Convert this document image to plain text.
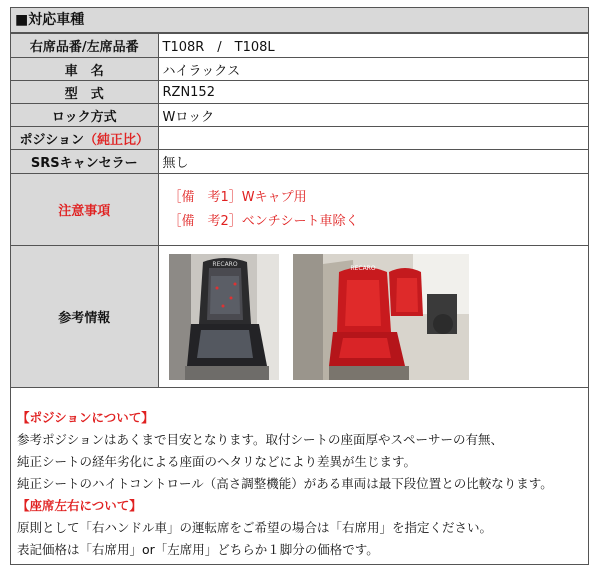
■対応車種
右席品番/左席品番	T108R　/　T108L
車　名	ハイラックス
型　式	RZN152
ロック方式	Wロック
ポジション（純正比）	
SRSキャンセラー	無し
注意事項	［備　考1］Wキャプ用
［備　考2］ベンチシート車除く

参考情報	RECARO
RECARO
【ポジションについて】
参考ポジションはあくまで目安となります。取付シートの座面厚やスペーサーの有無、
純正シートの経年劣化による座面のヘタリなどにより差異が生じます。
純正シートのハイトコントロール（高さ調整機能）がある車両は最下段位置との比較なります。
【座席左右について】
原則として「右ハンドル車」の運転席をご希望の場合は「右席用」を指定ください。
表記価格は「右席用」or「左席用」どちらか１脚分の価格です。
